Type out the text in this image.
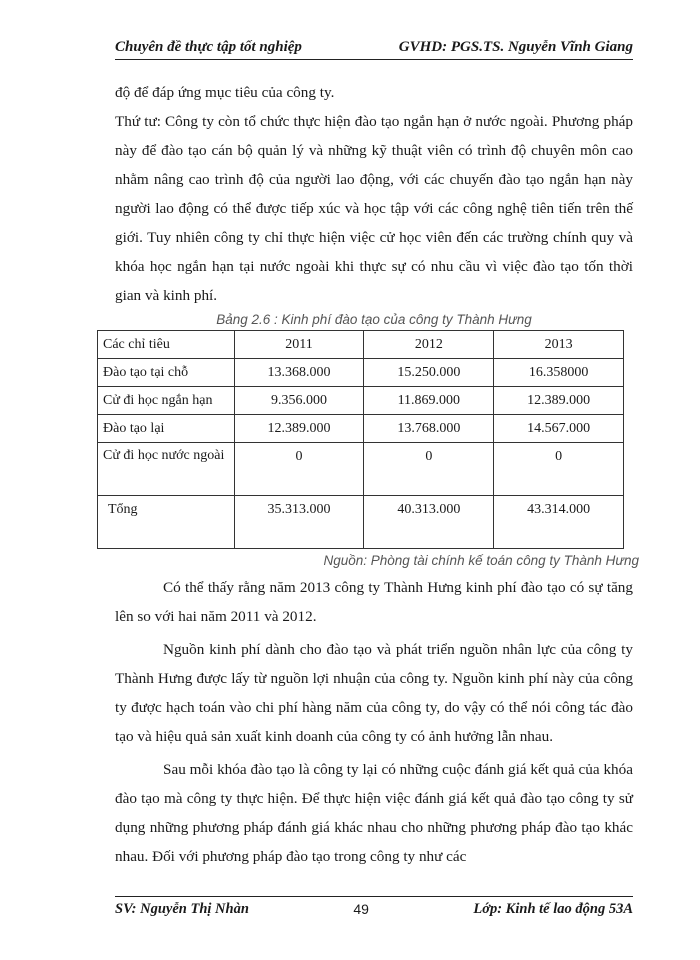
Chuyên đề thực tập tốt nghiệp	GVHD: PGS.TS. Nguyễn Vĩnh Giang

độ để đáp ứng mục tiêu của công ty.

Thứ tư: Công ty còn tổ chức thực hiện đào tạo ngắn hạn ở nước ngoài. Phương pháp này để đào tạo cán bộ quản lý và những kỹ thuật viên có trình độ chuyên môn cao nhằm nâng cao trình độ của người lao động, với các chuyến đào tạo ngắn hạn này người lao động có thể được tiếp xúc và học tập với các công nghệ tiên tiến trên thế giới. Tuy nhiên công ty chỉ thực hiện việc cử học viên đến các trường chính quy và khóa học ngắn hạn tại nước ngoài khi thực sự có nhu cầu vì việc đào tạo tốn thời gian và kinh phí.

Bảng 2.6 : Kinh phí đào tạo của công ty Thành Hưng

Các chỉ tiêu	2011	2012	2013
Đào tạo tại chỗ	13.368.000	15.250.000	16.358000
Cử đi học ngắn hạn	9.356.000	11.869.000	12.389.000
Đào tạo lại	12.389.000	13.768.000	14.567.000
Cử đi học nước ngoài	0	0	0
Tổng	35.313.000	40.313.000	43.314.000
Nguồn: Phòng tài chính kế toán công ty Thành Hưng

Có thể thấy rằng năm 2013 công ty Thành Hưng kinh phí đào tạo có sự tăng lên so với hai năm 2011 và 2012.

Nguồn kinh phí dành cho đào tạo và phát triển nguồn nhân lực của công ty Thành Hưng được lấy từ nguồn lợi nhuận của công ty. Nguồn kinh phí này của công ty được hạch toán vào chi phí hàng năm của công ty, do vậy có thể nói công tác đào tạo và hiệu quả sản xuất kinh doanh của công ty có ảnh hưởng lẫn nhau.

Sau mỗi khóa đào tạo là công ty lại có những cuộc đánh giá kết quả của khóa đào tạo mà công ty thực hiện. Để thực hiện việc đánh giá kết quả đào tạo công ty sử dụng những phương pháp đánh giá khác nhau cho những phương pháp đào tạo khác nhau. Đối với phương pháp đào tạo trong công ty như các

SV: Nguyễn Thị Nhàn	49	Lớp: Kinh tế lao động 53A
